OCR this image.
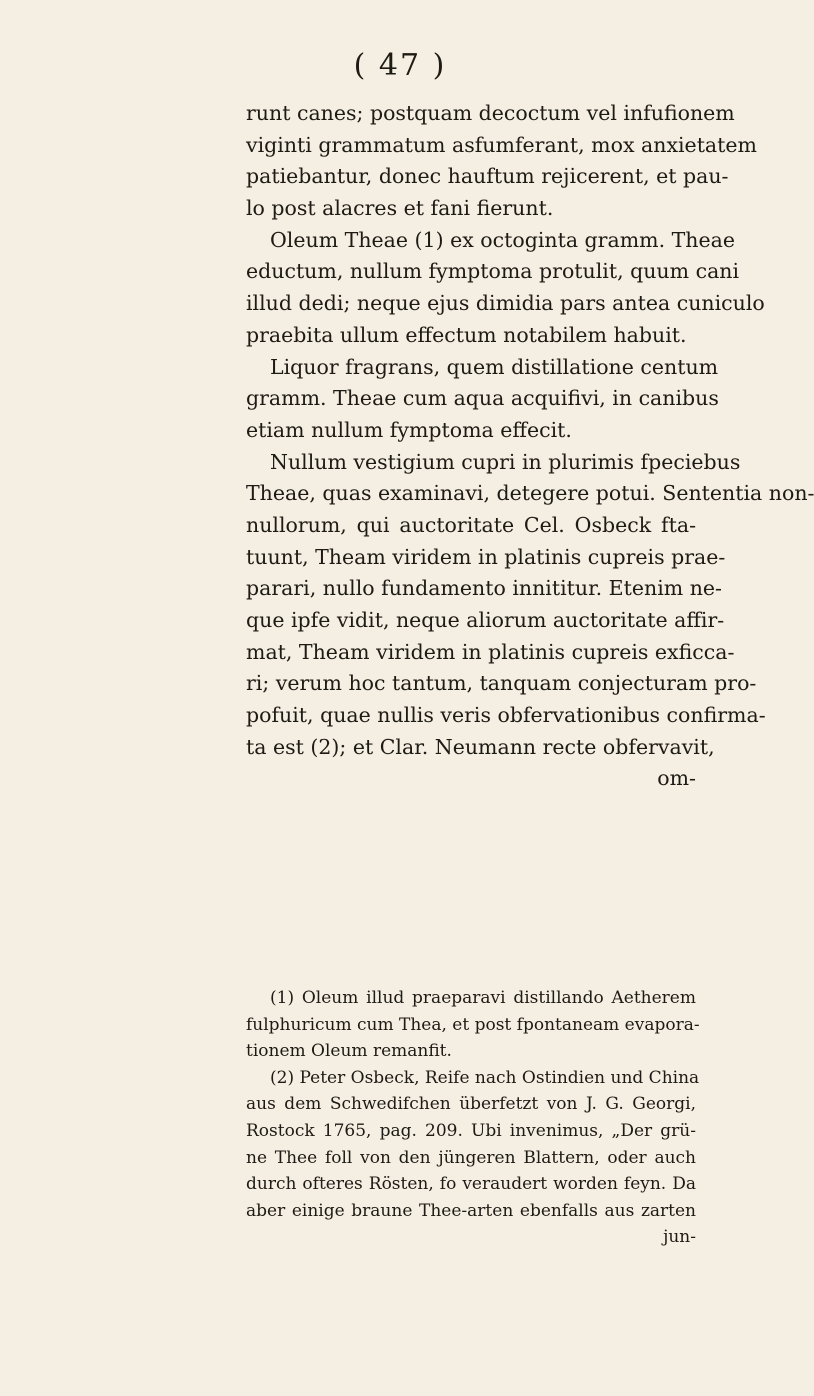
( 47 )
runt canes; postquam decoctum vel infufionem
viginti grammatum asfumferant, mox anxietatem
patiebantur, donec hauftum rejicerent, et pau-
lo post alacres et fani fierunt.
Oleum Theae (1) ex octoginta gramm. Theae
eductum, nullum fymptoma protulit, quum cani
illud dedi; neque ejus dimidia pars antea cuniculo
praebita ullum effectum notabilem habuit.
Liquor fragrans, quem distillatione centum
gramm. Theae cum aqua acquifivi, in canibus
etiam nullum fymptoma effecit.
Nullum vestigium cupri in plurimis fpeciebus
Theae, quas examinavi, detegere potui. Sententia non-
nullorum, qui auctoritate Cel. Osbeck fta-
tuunt, Theam viridem in platinis cupreis prae-
parari, nullo fundamento innititur. Etenim ne-
que ipfe vidit, neque aliorum auctoritate affir-
mat, Theam viridem in platinis cupreis exficca-
ri; verum hoc tantum, tanquam conjecturam pro-
pofuit, quae nullis veris obfervationibus confirma-
ta est (2); et Clar. Neumann recte obfervavit,
om-
(1) Oleum illud praeparavi distillando Aetherem
fulphuricum cum Thea, et post fpontaneam evapora-
tionem Oleum remanfit.
(2) Peter Osbeck, Reife nach Ostindien und China
aus dem Schwedifchen überfetzt von J. G. Georgi,
Rostock 1765, pag. 209. Ubi invenimus, „Der grü-
ne Thee foll von den jüngeren Blattern, oder auch
durch ofteres Rösten, fo veraudert worden feyn. Da
aber einige braune Thee-arten ebenfalls aus zarten
jun-
